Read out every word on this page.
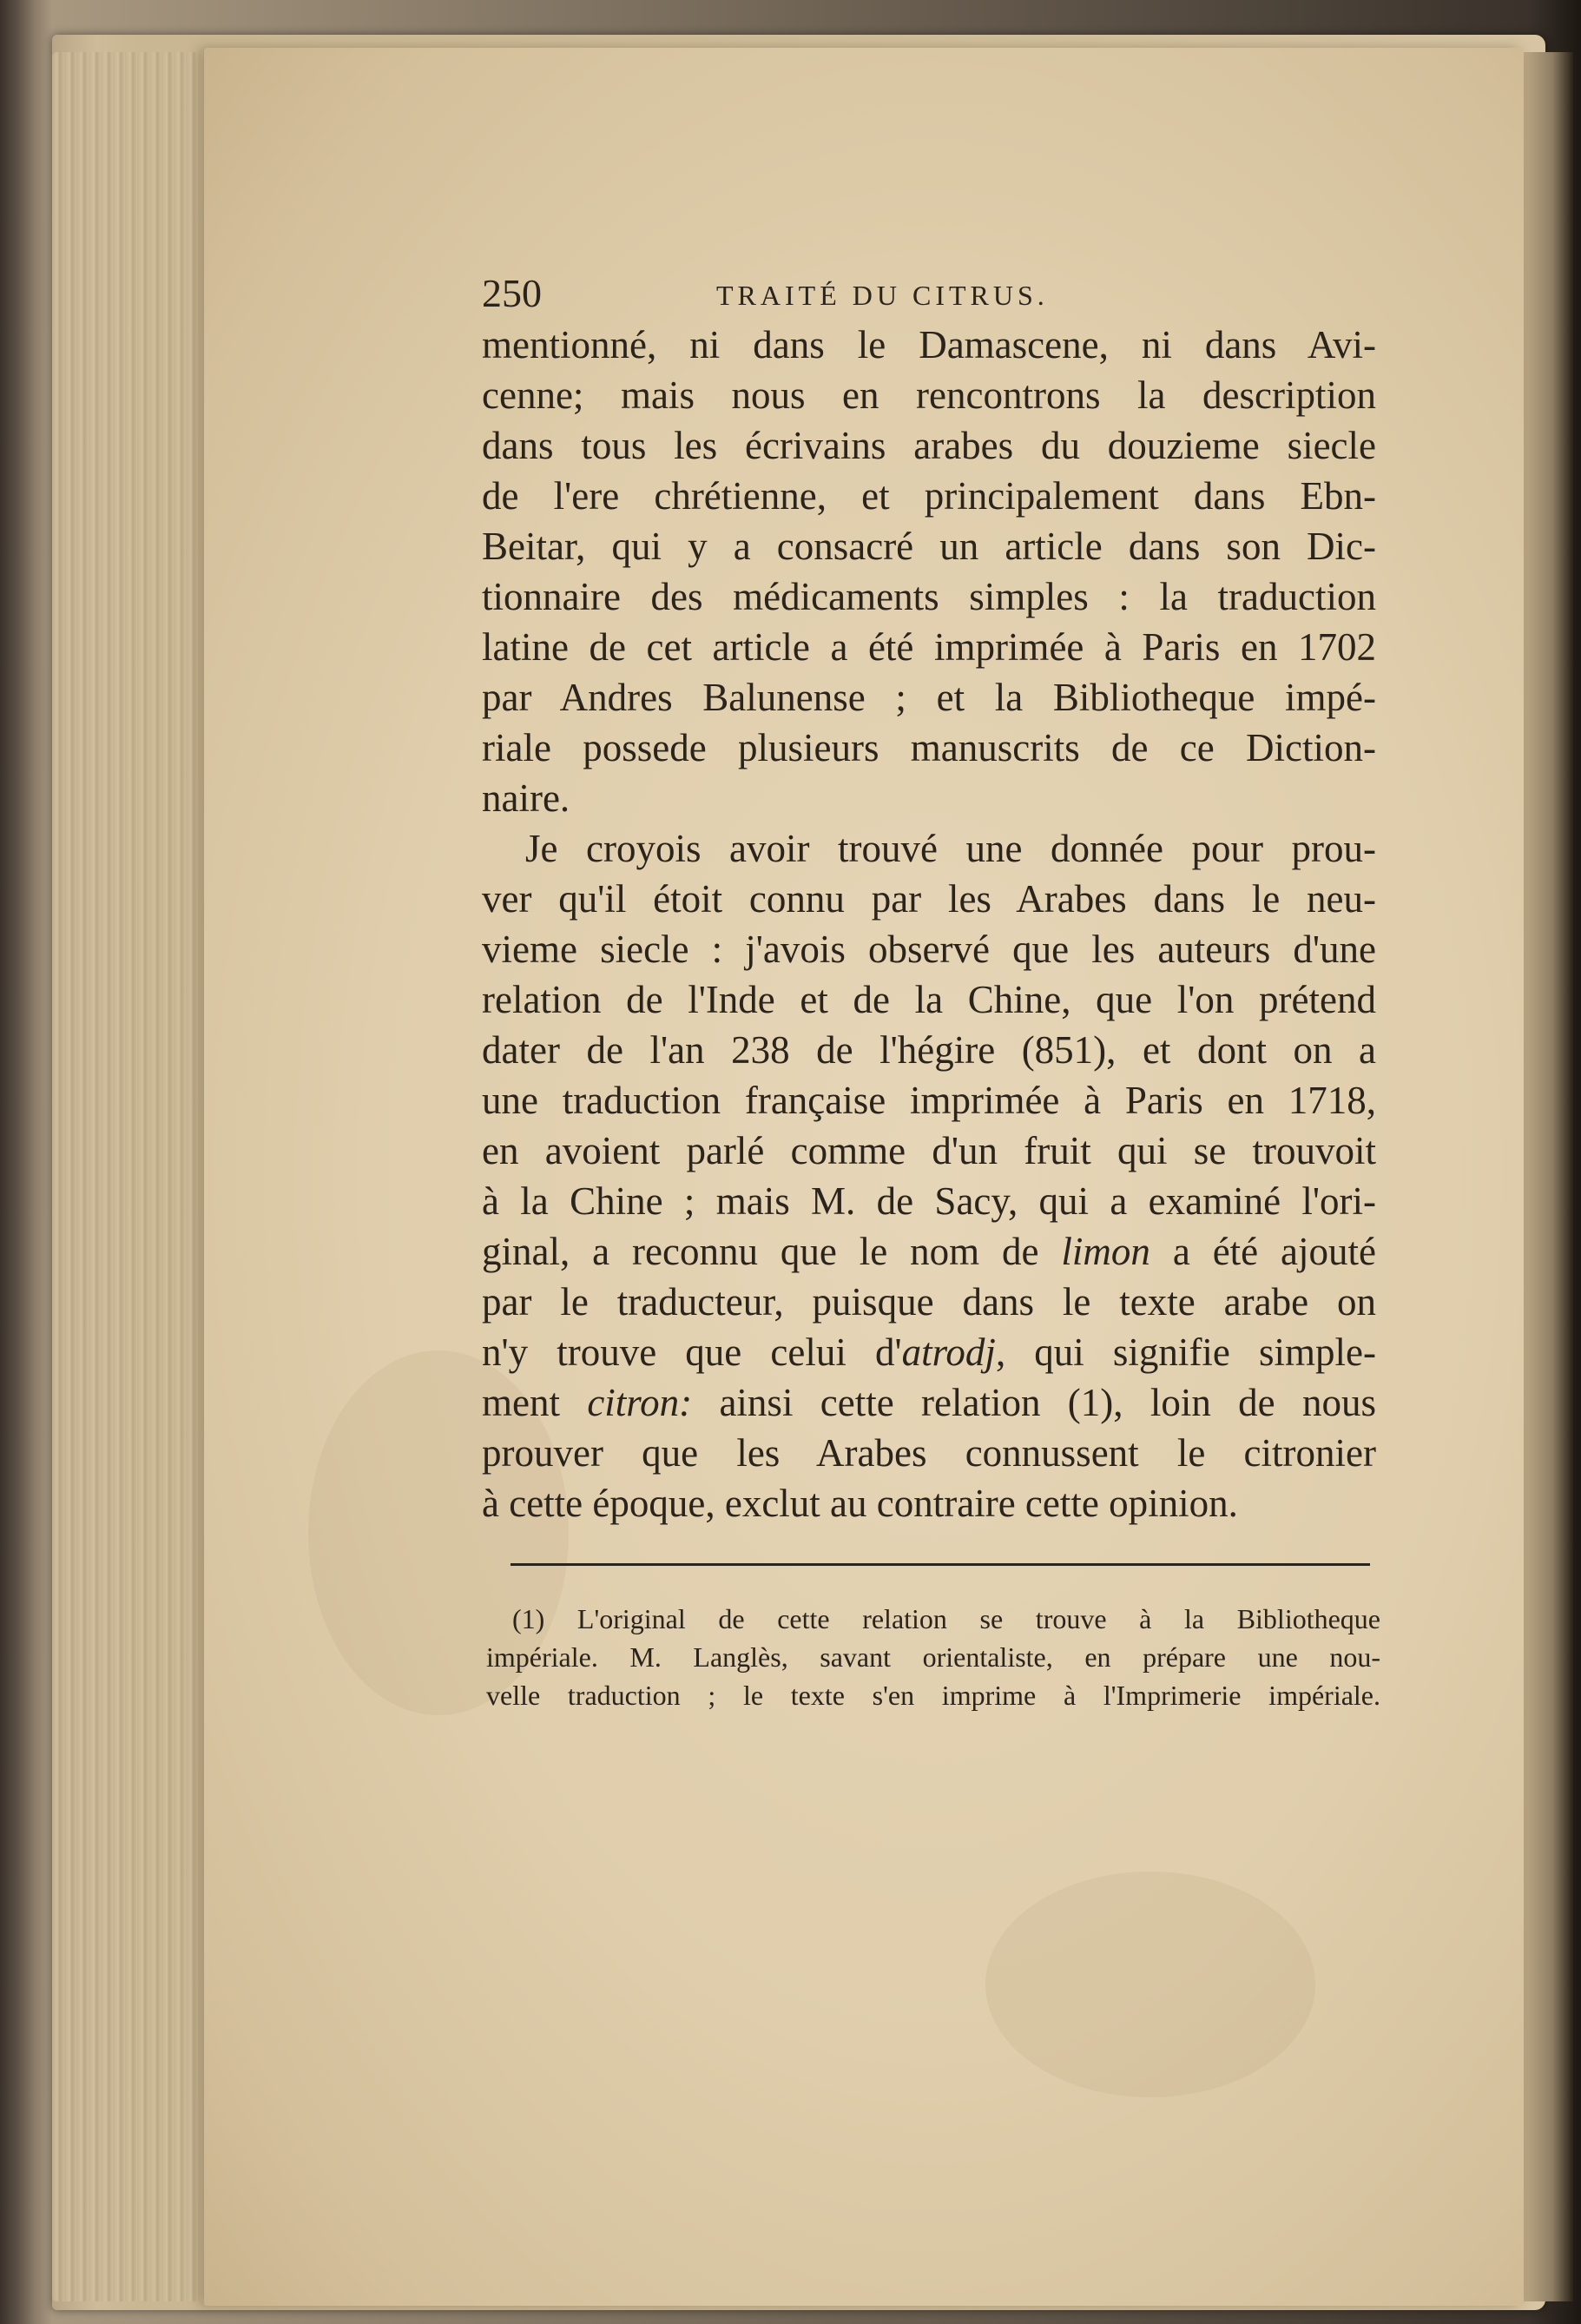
250	TRAITÉ DU CITRUS.
mentionné, ni dans le Damascene, ni dans Avi-
cenne; mais nous en rencontrons la description
dans tous les écrivains arabes du douzieme siecle
de l'ere chrétienne, et principalement dans Ebn-
Beitar, qui y a consacré un article dans son Dic-
tionnaire des médicaments simples : la traduction
latine de cet article a été imprimée à Paris en 1702
par Andres Balunense ; et la Bibliotheque impé-
riale possede plusieurs manuscrits de ce Diction-
naire.
Je croyois avoir trouvé une donnée pour prou-
ver qu'il étoit connu par les Arabes dans le neu-
vieme siecle : j'avois observé que les auteurs d'une
relation de l'Inde et de la Chine, que l'on prétend
dater de l'an 238 de l'hégire (851), et dont on a
une traduction française imprimée à Paris en 1718,
en avoient parlé comme d'un fruit qui se trouvoit
à la Chine ; mais M. de Sacy, qui a examiné l'ori-
ginal, a reconnu que le nom de limon a été ajouté
par le traducteur, puisque dans le texte arabe on
n'y trouve que celui d'atrodj, qui signifie simple-
ment citron: ainsi cette relation (1), loin de nous
prouver que les Arabes connussent le citronier
à cette époque, exclut au contraire cette opinion.
(1) L'original de cette relation se trouve à la Bibliotheque
impériale. M. Langlès, savant orientaliste, en prépare une nou-
velle traduction ; le texte s'en imprime à l'Imprimerie impériale.
